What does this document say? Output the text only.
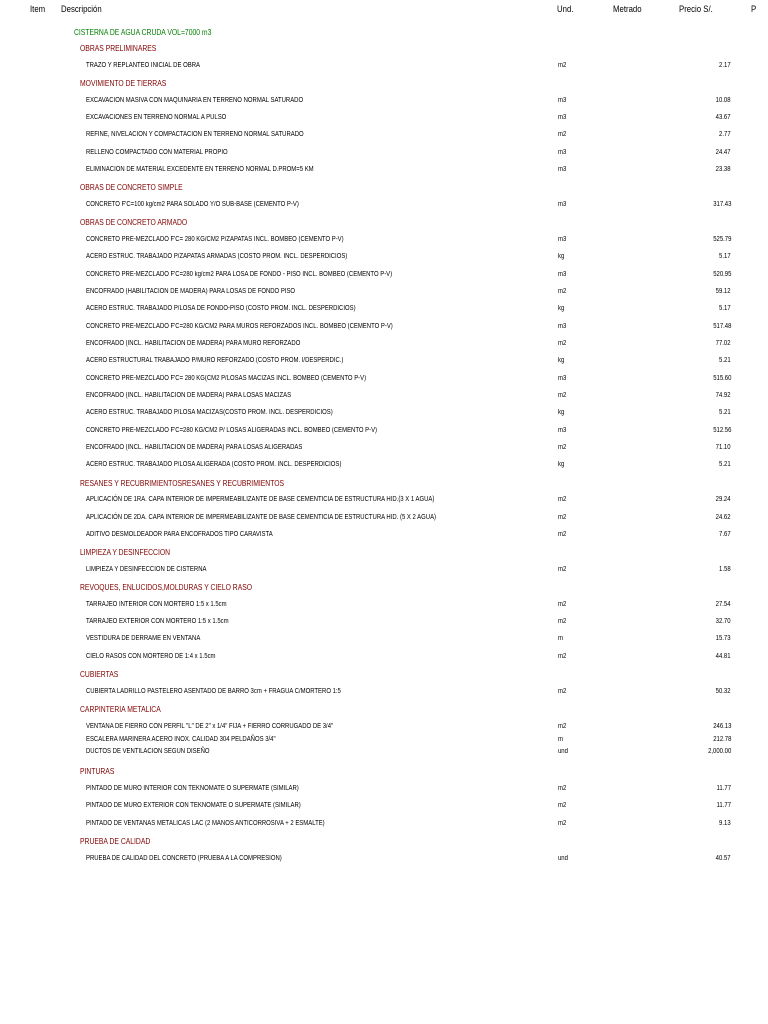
Item Descripción	Und.	Metrado	Precio S/.	P
CISTERNA DE AGUA CRUDA VOL=7000 m3
OBRAS PRELIMINARES
TRAZO Y REPLANTEO INICIAL DE OBRA	m2	2.17
MOVIMIENTO DE TIERRAS
EXCAVACION MASIVA CON MAQUINARIA EN TERRENO NORMAL SATURADO	m3	10.08
EXCAVACIONES EN TERRENO NORMAL A PULSO	m3	43.67
REFINE, NIVELACION Y COMPACTACION EN TERRENO NORMAL SATURADO	m2	2.77
RELLENO COMPACTADO CON MATERIAL PROPIO	m3	24.47
ELIMINACION DE MATERIAL EXCEDENTE EN TERRENO NORMAL D.PROM=5 KM	m3	23.38
OBRAS DE CONCRETO SIMPLE
CONCRETO F'C=100 kg/cm2 PARA SOLADO Y/O SUB-BASE (CEMENTO P-V)	m3	317.43
OBRAS DE CONCRETO ARMADO
CONCRETO PRE-MEZCLADO F'C= 280 KG/CM2 P/ZAPATAS INCL. BOMBEO (CEMENTO P-V)	m3	525.79
ACERO ESTRUC. TRABAJADO P/ZAPATAS ARMADAS (COSTO PROM. INCL. DESPERDICIOS)	kg	5.17
CONCRETO PRE-MEZCLADO F'C=280 kg/cm2 PARA LOSA DE FONDO - PISO INCL. BOMBEO (CEMENTO P-V)	m3	520.95
ENCOFRADO (HABILITACION DE MADERA) PARA LOSAS DE FONDO PISO	m2	59.12
ACERO ESTRUC. TRABAJADO P/LOSA DE FONDO-PISO (COSTO PROM. INCL. DESPERDICIOS)	kg	5.17
CONCRETO PRE-MEZCLADO F'C=280 KG/CM2 PARA MUROS REFORZADOS INCL. BOMBEO (CEMENTO P-V)	m3	517.48
ENCOFRADO (INCL. HABILITACION DE MADERA) PARA MURO REFORZADO	m2	77.02
ACERO ESTRUCTURAL TRABAJADO P/MURO REFORZADO (COSTO PROM. I/DESPERDIC.)	kg	5.21
CONCRETO PRE-MEZCLADO F'C= 280 KG(CM2 P/LOSAS MACIZAS INCL. BOMBEO (CEMENTO P-V)	m3	515.60
ENCOFRADO (INCL. HABILITACION DE MADERA) PARA LOSAS MACIZAS	m2	74.92
ACERO ESTRUC. TRABAJADO P/LOSA MACIZAS(COSTO PROM. INCL. DESPERDICIOS)	kg	5.21
CONCRETO PRE-MEZCLADO F'C=280 KG/CM2 P/ LOSAS ALIGERADAS INCL. BOMBEO (CEMENTO P-V)	m3	512.56
ENCOFRADO (INCL. HABILITACION DE MADERA) PARA LOSAS ALIGERADAS	m2	71.10
ACERO ESTRUC. TRABAJADO P/LOSA ALIGERADA (COSTO PROM. INCL. DESPERDICIOS)	kg	5.21
RESANES Y RECUBRIMIENTOSRESANES Y RECUBRIMIENTOS
APLICACIÓN DE 1RA. CAPA INTERIOR DE IMPERMEABILIZANTE DE BASE CEMENTICIA DE ESTRUCTURA HID.(3 X 1 AGUA)	m2	29.24
APLICACIÓN DE 2DA. CAPA INTERIOR DE IMPERMEABILIZANTE DE BASE CEMENTICIA DE ESTRUCTURA HID. (5 X 2 AGUA)	m2	24.62
ADITIVO DESMOLDEADOR PARA ENCOFRADOS TIPO CARAVISTA	m2	7.67
LIMPIEZA Y DESINFECCION
LIMPIEZA Y DESINFECCION DE CISTERNA	m2	1.58
REVOQUES, ENLUCIDOS,MOLDURAS Y CIELO RASO
TARRAJEO INTERIOR CON MORTERO 1:5 x 1.5cm	m2	27.54
TARRAJEO EXTERIOR CON MORTERO 1:5 x 1.5cm	m2	32.70
VESTIDURA DE DERRAME EN VENTANA	m	15.73
CIELO RASOS CON MORTERO DE 1:4 x 1.5cm	m2	44.81
CUBIERTAS
CUBIERTA LADRILLO PASTELERO ASENTADO DE BARRO 3cm + FRAGUA C/MORTERO 1:5	m2	50.32
CARPINTERIA METALICA
VENTANA DE FIERRO CON PERFIL "L" DE 2" x 1/4" FIJA + FIERRO CORRUGADO DE 3/4"	m2	246.13
ESCALERA MARINERA ACERO INOX. CALIDAD 304 PELDAÑOS 3/4"	m	212.78
DUCTOS DE VENTILACION SEGUN DISEÑO	und	2,000.00
PINTURAS
PINTADO DE MURO INTERIOR CON TEKNOMATE O SUPERMATE (SIMILAR)	m2	11.77
PINTADO DE MURO EXTERIOR CON TEKNOMATE O SUPERMATE (SIMILAR)	m2	11.77
PINTADO DE VENTANAS METALICAS LAC (2 MANOS ANTICORROSIVA + 2 ESMALTE)	m2	9.13
PRUEBA DE CALIDAD
PRUEBA DE CALIDAD DEL CONCRETO (PRUEBA A LA COMPRESION)	und	40.57
